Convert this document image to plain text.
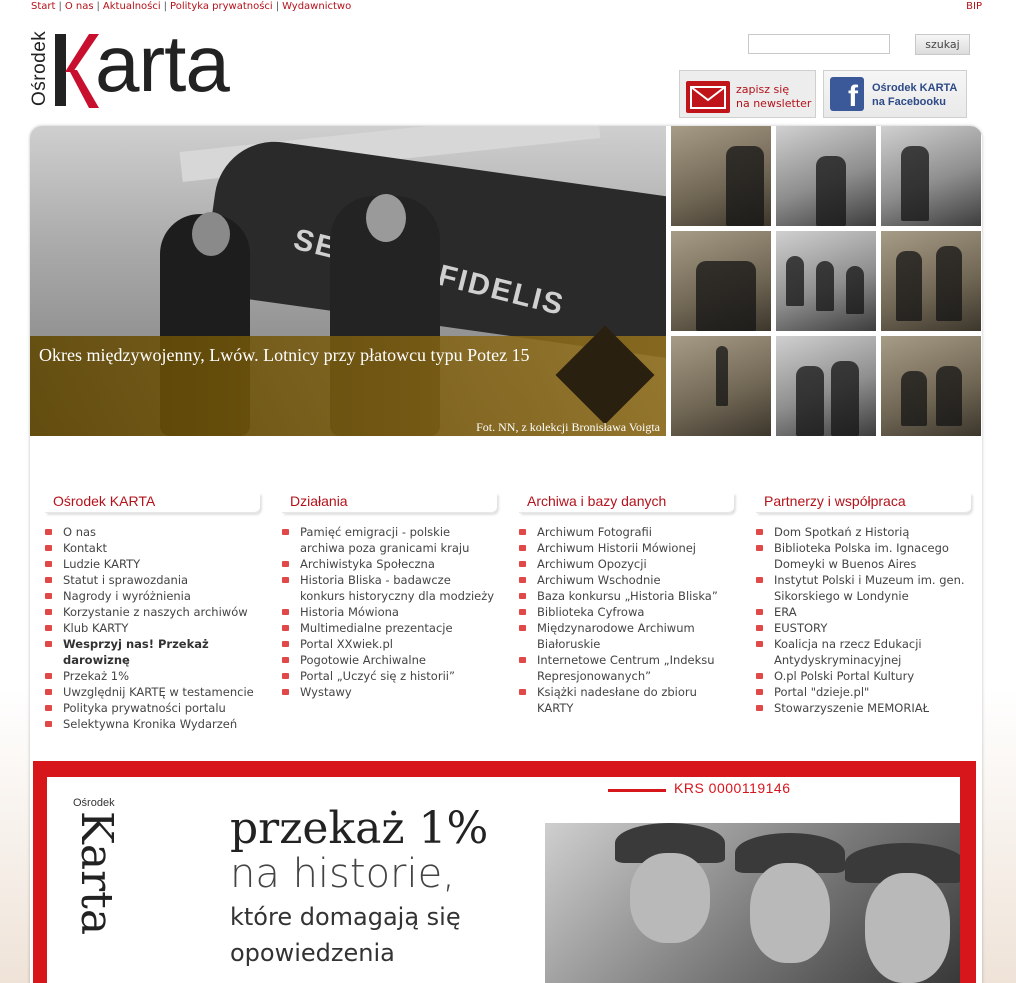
Start | O nas | Aktualności | Polityka prywatności | Wydawnictwo	BIP
Ośrodek arta	szukaj
zapisz się
na newsletter	f	Ośrodek KARTA
na Facebooku
FIDELIS
Okres międzywojenny, Lwów. Lotnicy przy płatowcu typu Potez 15
Fot. NN, z kolekcji Bronisława Voigta
Ośrodek KARTA
O nas
Kontakt
Ludzie KARTY
Statut i sprawozdania
Nagrody i wyróżnienia
Korzystanie z naszych archiwów
Klub KARTY
Wesprzyj nas! Przekaż darowiznę
Przekaż 1%
Uwzględnij KARTĘ w testamencie
Polityka prywatności portalu
Selektywna Kronika Wydarzeń
Działania
Pamięć emigracji - polskie archiwa poza granicami kraju
Archiwistyka Społeczna
Historia Bliska - badawcze konkurs historyczny dla modzieży
Historia Mówiona
Multimedialne prezentacje
Portal XXwiek.pl
Pogotowie Archiwalne
Portal „Uczyć się z historii”
Wystawy
Archiwa i bazy danych
Archiwum Fotografii
Archiwum Historii Mówionej
Archiwum Opozycji
Archiwum Wschodnie
Baza konkursu „Historia Bliska”
Biblioteka Cyfrowa
Międzynarodowe Archiwum Białoruskie
Internetowe Centrum „Indeksu Represjonowanych”
Książki nadesłane do zbioru KARTY
Partnerzy i współpraca
Dom Spotkań z Historią
Biblioteka Polska im. Ignacego Domeyki w Buenos Aires
Instytut Polski i Muzeum im. gen. Sikorskiego w Londynie
ERA
EUSTORY
Koalicja na rzecz Edukacji Antydyskryminacyjnej
O.pl Polski Portal Kultury
Portal "dzieje.pl"
Stowarzyszenie MEMORIAŁ
Ośrodek
Karta przekaż 1%
na historie,
które domagają się
opowiedzenia
KRS 0000119146
